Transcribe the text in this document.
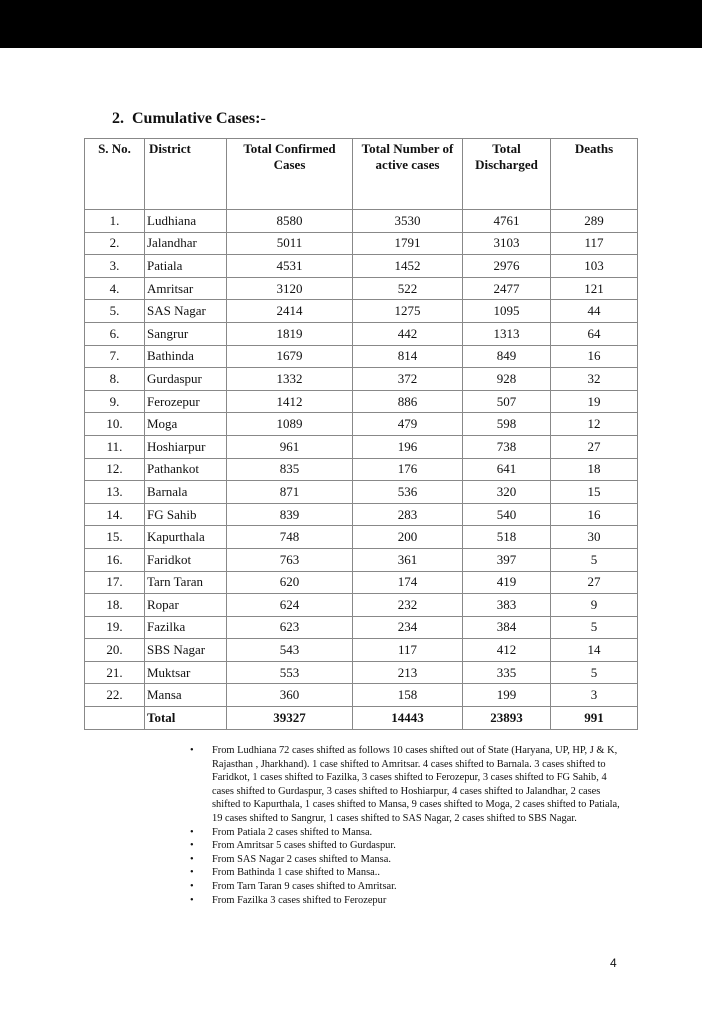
2. Cumulative Cases:-
S. No.	District	Total Confirmed Cases	Total Number of active cases	Total Discharged	Deaths
1.	Ludhiana	8580	3530	4761	289
2.	Jalandhar	5011	1791	3103	117
3.	Patiala	4531	1452	2976	103
4.	Amritsar	3120	522	2477	121
5.	SAS Nagar	2414	1275	1095	44
6.	Sangrur	1819	442	1313	64
7.	Bathinda	1679	814	849	16
8.	Gurdaspur	1332	372	928	32
9.	Ferozepur	1412	886	507	19
10.	Moga	1089	479	598	12
11.	Hoshiarpur	961	196	738	27
12.	Pathankot	835	176	641	18
13.	Barnala	871	536	320	15
14.	FG Sahib	839	283	540	16
15.	Kapurthala	748	200	518	30
16.	Faridkot	763	361	397	5
17.	Tarn Taran	620	174	419	27
18.	Ropar	624	232	383	9
19.	Fazilka	623	234	384	5
20.	SBS Nagar	543	117	412	14
21.	Muktsar	553	213	335	5
22.	Mansa	360	158	199	3
	Total	39327	14443	23893	991
• From Ludhiana 72 cases shifted as follows 10 cases shifted out of State (Haryana, UP, HP, J & K, Rajasthan , Jharkhand). 1 case shifted to Amritsar. 4 cases shifted to Barnala. 3 cases shifted to Faridkot, 1 cases shifted to Fazilka, 3 cases shifted to Ferozepur, 3 cases shifted to FG Sahib, 4 cases shifted to Gurdaspur, 3 cases shifted to Hoshiarpur, 4 cases shifted to Jalandhar, 2 cases shifted to Kapurthala, 1 cases shifted to Mansa, 9 cases shifted to Moga, 2 cases shifted to Patiala, 19 cases shifted to Sangrur, 1 cases shifted to SAS Nagar, 2 cases shifted to SBS Nagar.
• From Patiala 2 cases shifted to Mansa.
• From Amritsar 5 cases shifted to Gurdaspur.
• From SAS Nagar 2 cases shifted to Mansa.
• From Bathinda 1 case shifted to Mansa..
• From Tarn Taran 9 cases shifted to Amritsar.
• From Fazilka 3 cases shifted to Ferozepur
4
